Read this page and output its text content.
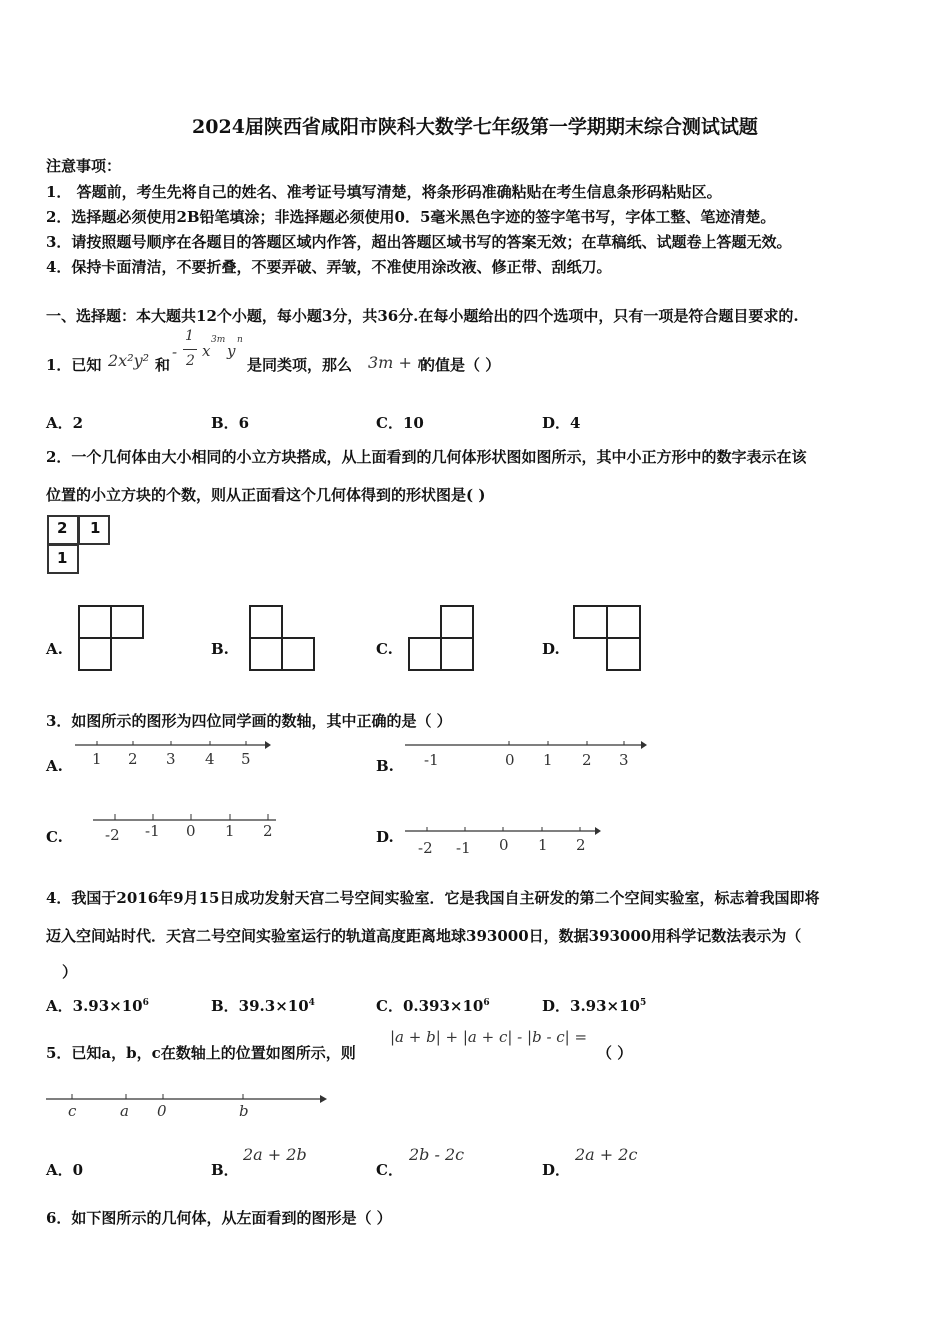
2024届陕西省咸阳市陕科大数学七年级第一学期期末综合测试试题
注意事项：
1． 答题前，考生先将自己的姓名、准考证号填写清楚，将条形码准确粘贴在考生信息条形码粘贴区。
2．选择题必须使用2B铅笔填涂；非选择题必须使用0．5毫米黑色字迹的签字笔书写，字体工整、笔迹清楚。
3．请按照题号顺序在各题目的答题区域内作答，超出答题区域书写的答案无效；在草稿纸、试题卷上答题无效。
4．保持卡面清洁，不要折叠，不要弄破、弄皱，不准使用涂改液、修正带、刮纸刀。
一、选择题：本大题共12个小题，每小题3分，共36分.在每小题给出的四个选项中，只有一项是符合题目要求的.
1．已知 2x²y² 和
-
1
2
x
3m
y
n
是同类项，那么 3m + n
的值是（ ）
A．2	B．6	C．10	D．4
2．一个几何体由大小相同的小立方块搭成，从上面看到的几何体形状图如图所示，其中小正方形中的数字表示在该
位置的小立方块的个数，则从正面看这个几何体得到的形状图是( )
2 1
1
A.	B.	C.	D.
3．如图所示的图形为四位同学画的数轴，其中正确的是（ ）
A. 1 2 3 4 5	B. -1	0 1 2 3
C.	-2 -1 0 1 2	D.
-2 -1 0 1 2
4．我国于2016年9月15日成功发射天宫二号空间实验室．它是我国自主研发的第二个空间实验室，标志着我国即将
迈入空间站时代．天宫二号空间实验室运行的轨道高度距离地球393000日，数据393000用科学记数法表示为（
）
A．$3.93\times 10^6$	B．$39.3\times 10^4$	C．$0.393\times 10^6$	D．$3.93\times 10^5$
5．已知a，b，c在数轴上的位置如图所示，则
|a + b| + |a + c| - |b - c| =
（ ）
c	a 0	b
A．0	B．
2a + 2b
C．
2b - 2c
D．
2a + 2c
6．如下图所示的几何体，从左面看到的图形是（ ）
